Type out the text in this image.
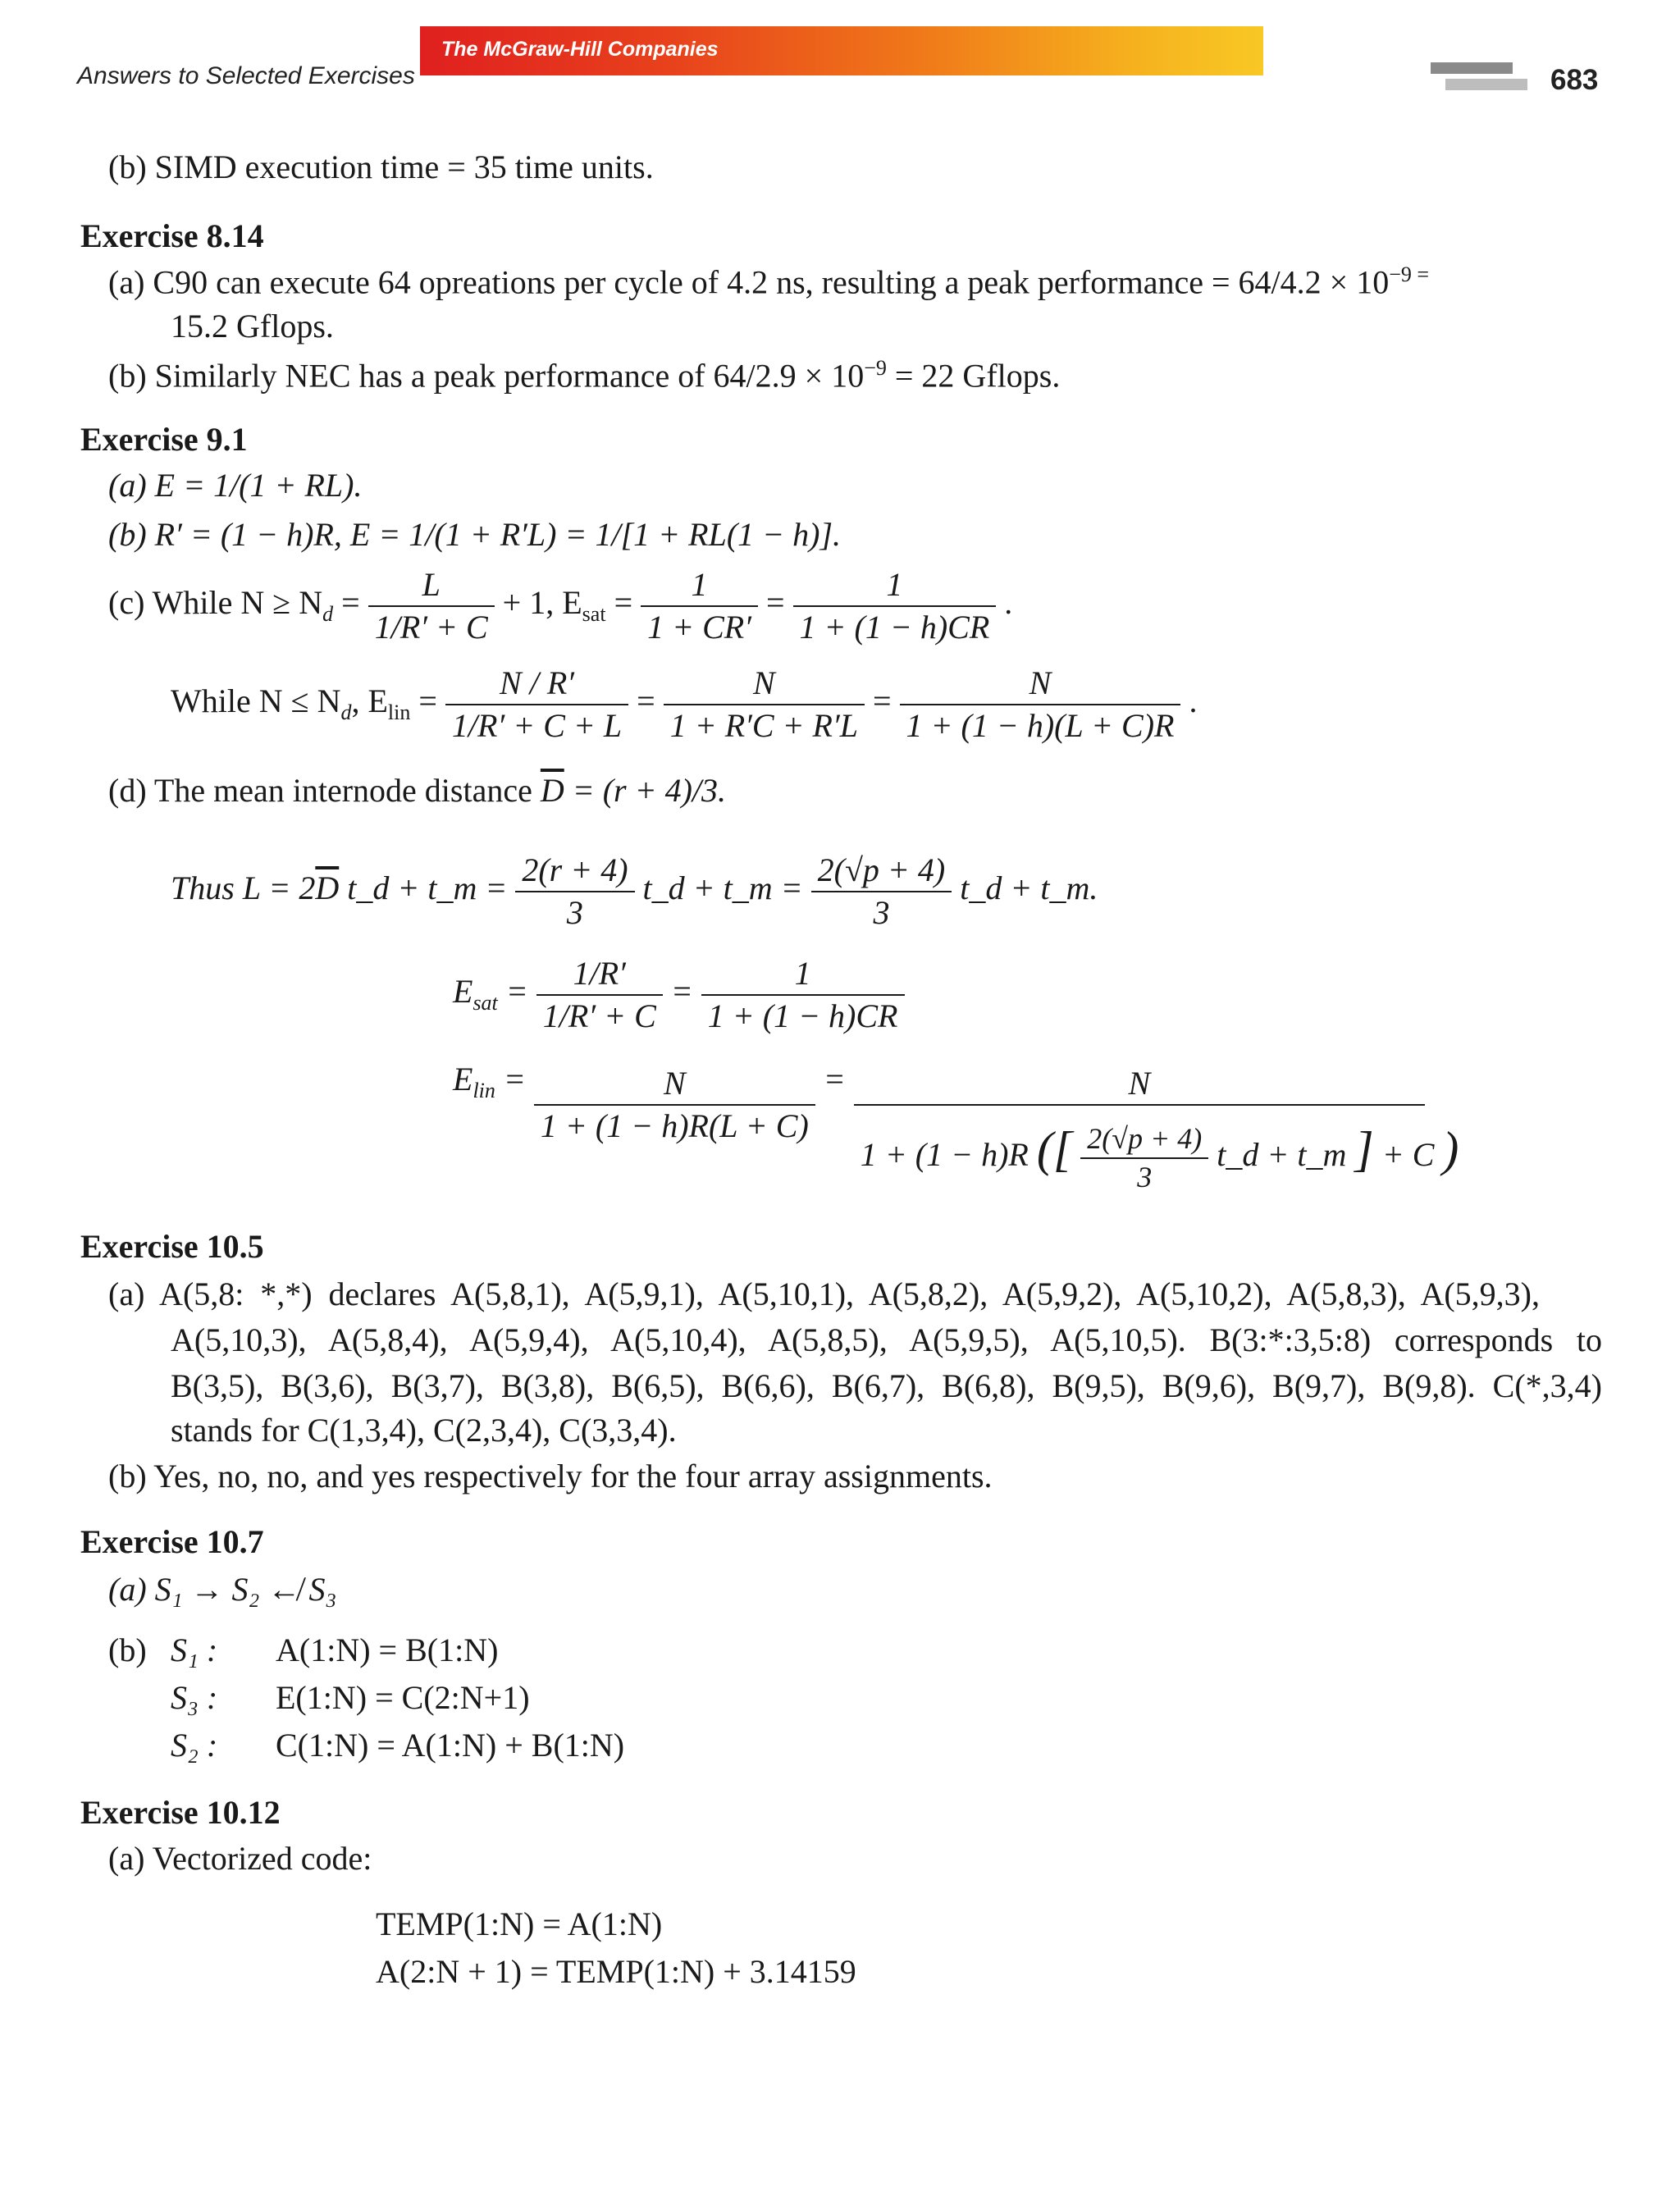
Answers to Selected Exercises
The McGraw-Hill Companies
683
(b) SIMD execution time = 35 time units.
Exercise 8.14
(a) C90 can execute 64 opreations per cycle of 4.2 ns, resulting a peak performance = $64/4.2 \times 10^{-9 =}$
15.2 Gflops.
(b) Similarly NEC has a peak performance of $64/2.9 \times 10^{-9} = 22$ Gflops.
Exercise 9.1
(a) E = 1/(1 + RL).
(b) R′ = (1 − h)R, E = 1/(1 + R′L) = 1/[1 + RL(1 − h)].
(c) While $N \ge N_d = \frac{L}{1/R' + C} + 1$, $E_{sat} = \frac{1}{1 + CR'} = \frac{1}{1 + (1 - h)CR}$ .
While $N \le N_d$, $E_{lin} = \frac{N / R'}{1/R' + C + L} = \frac{N}{1 + R'C + R'L} = \frac{N}{1 + (1 - h)(L + C)R}$ .
(d) The mean internode distance $\overline{D} = (r + 4)/3$.
Thus $L = 2\overline{D}$ t_d + t_m = $\frac{2(r + 4)}{3}$ t_d + t_m = $\frac{2(√p + 4)}{3}$ t_d + t_m.
$E_{sat} = \frac{1/R'}{1/R' + C} = \frac{1}{1 + (1 - h)CR}$
$E_{lin} = \frac{N}{1 + (1 - h)R(L + C)}$ =	N
1 + (1 − h)R ([ $\frac{2(√p + 4)}{3}$ t_d + t_m ] + C )
Exercise 10.5
(a) A(5,8: *,*) declares A(5,8,1), A(5,9,1), A(5,10,1), A(5,8,2), A(5,9,2), A(5,10,2), A(5,8,3), A(5,9,3),
A(5,10,3), A(5,8,4), A(5,9,4), A(5,10,4), A(5,8,5), A(5,9,5), A(5,10,5). B(3:*:3,5:8) corresponds to
B(3,5), B(3,6), B(3,7), B(3,8), B(6,5), B(6,6), B(6,7), B(6,8), B(9,5), B(9,6), B(9,7), B(9,8). C(*,3,4)
stands for C(1,3,4), C(2,3,4), C(3,3,4).
(b) Yes, no, no, and yes respectively for the four array assignments.
Exercise 10.7
(a) S₁ → S₂ ↚ S₃
(b) S₁ : A(1:N) = B(1:N)
S₃ : E(1:N) = C(2:N+1)
S₂ : C(1:N) = A(1:N) + B(1:N)
Exercise 10.12
(a) Vectorized code:
TEMP(1:N) = A(1:N)
A(2:N + 1) = TEMP(1:N) + 3.14159
